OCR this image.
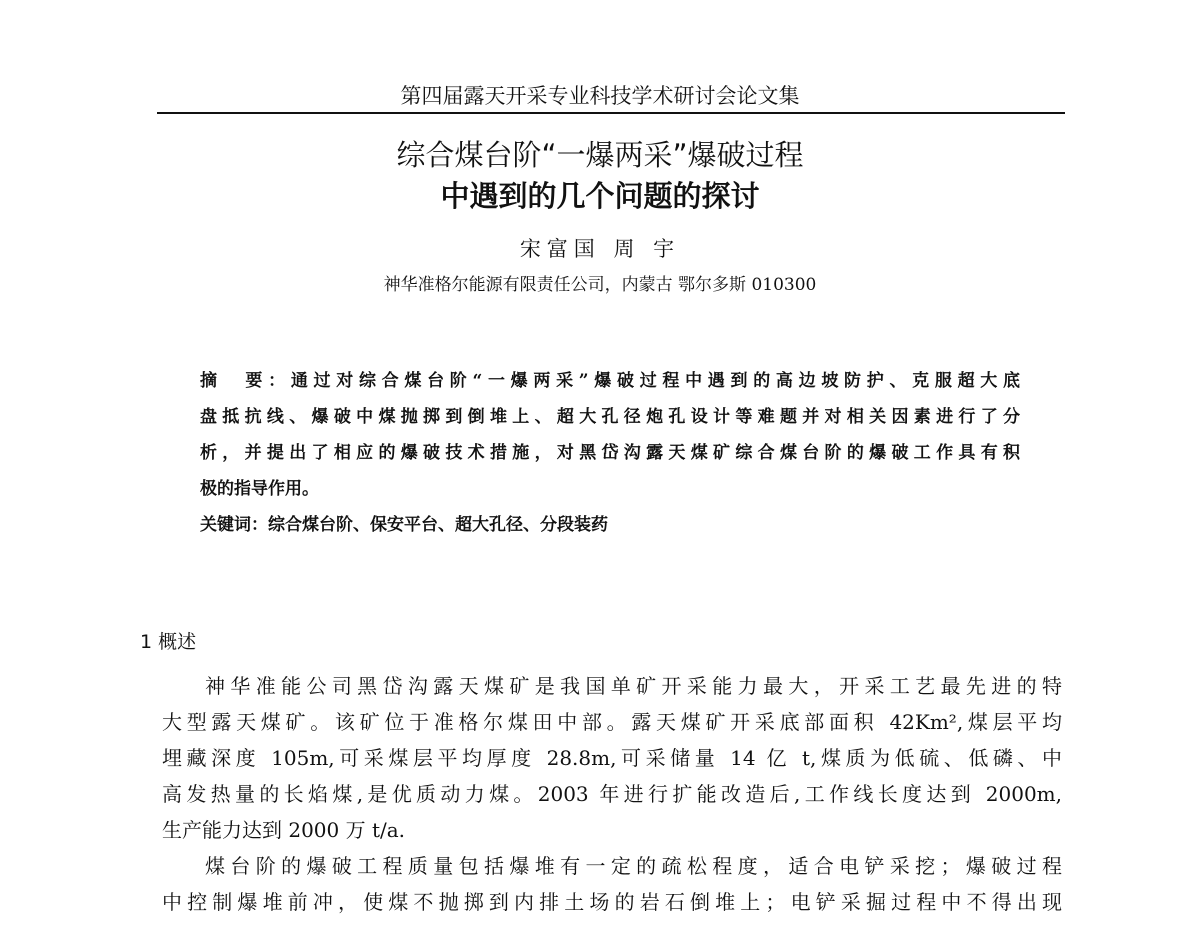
第四届露天开采专业科技学术研讨会论文集
综合煤台阶“一爆两采”爆破过程
中遇到的几个问题的探讨
宋富国 周 宇
神华准格尔能源有限责任公司，内蒙古 鄂尔多斯 010300
摘　要：通过对综合煤台阶“一爆两采”爆破过程中遇到的高边坡防护、克服超大底
盘抵抗线、爆破中煤抛掷到倒堆上、超大孔径炮孔设计等难题并对相关因素进行了分
析，并提出了相应的爆破技术措施，对黑岱沟露天煤矿综合煤台阶的爆破工作具有积
极的指导作用。
关键词：综合煤台阶、保安平台、超大孔径、分段装药
1 概述
神华准能公司黑岱沟露天煤矿是我国单矿开采能力最大，开采工艺最先进的特
大型露天煤矿。该矿位于准格尔煤田中部。露天煤矿开采底部面积 42Km²,煤层平均
埋藏深度 105m,可采煤层平均厚度 28.8m,可采储量 14 亿 t,煤质为低硫、低磷、中
高发热量的长焰煤,是优质动力煤。2003 年进行扩能改造后,工作线长度达到 2000m,
生产能力达到 2000 万 t/a.
煤台阶的爆破工程质量包括爆堆有一定的疏松程度，适合电铲采挖；爆破过程
中控制爆堆前冲，使煤不抛掷到内排土场的岩石倒堆上；电铲采掘过程中不得出现
